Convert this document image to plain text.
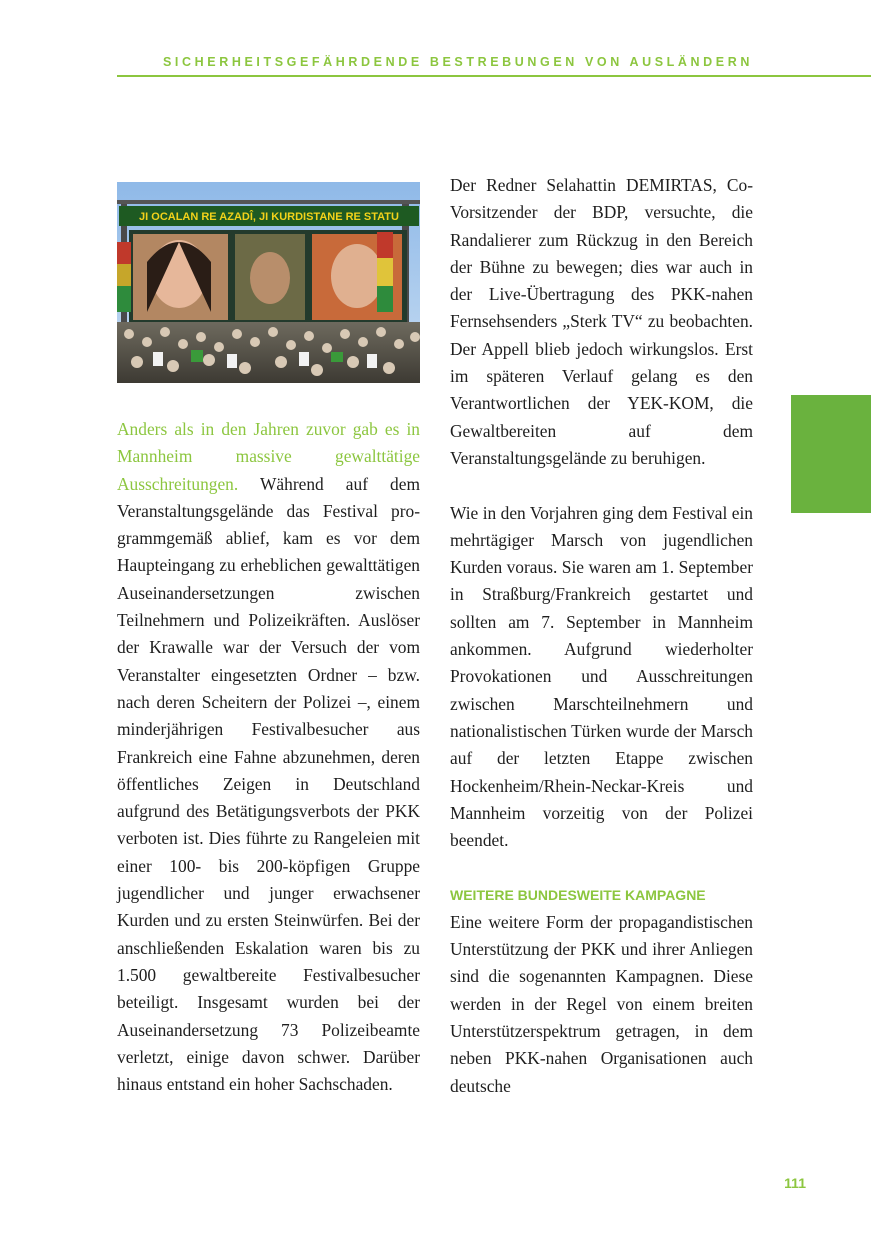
SICHERHEITSGEFÄHRDENDE BESTREBUNGEN VON AUSLÄNDERN
JI OCALAN RE AZADÎ, JI KURDISTANE RE STATU

Anders als in den Jahren zuvor gab es in Mannheim massive gewalttätige Ausschreitungen. Während auf dem Veranstaltungsgelände das Festival programmgemäß ablief, kam es vor dem Haupteingang zu erheblichen gewalttätigen Auseinandersetzungen zwischen Teilnehmern und Polizeikräften. Auslöser der Krawalle war der Versuch der vom Veranstalter eingesetzten Ordner – bzw. nach deren Scheitern der Polizei –, einem minderjährigen Festivalbesucher aus Frankreich eine Fahne abzunehmen, deren öffentliches Zeigen in Deutschland aufgrund des Betätigungsverbots der PKK verboten ist. Dies führte zu Rangeleien mit einer 100- bis 200-köpfigen Gruppe jugendlicher und junger erwachsener Kurden und zu ersten Steinwürfen. Bei der anschließenden Eskalation waren bis zu 1.500 gewaltbereite Festivalbesucher beteiligt. Insgesamt wurden bei der Auseinandersetzung 73 Polizeibeamte verletzt, einige davon schwer. Darüber hinaus entstand ein hoher Sachschaden.

Der Redner Selahattin DEMIRTAS, Co-Vorsitzender der BDP, versuchte, die Randalierer zum Rückzug in den Bereich der Bühne zu bewegen; dies war auch in der Live-Übertragung des PKK-nahen Fernsehsenders „Sterk TV“ zu beobachten. Der Appell blieb jedoch wirkungslos. Erst im späteren Verlauf gelang es den Verantwortlichen der YEK-KOM, die Gewaltbereiten auf dem Veranstaltungsgelände zu beruhigen.

Wie in den Vorjahren ging dem Festival ein mehrtägiger Marsch von jugendlichen Kurden voraus. Sie waren am 1. September in Straßburg/Frankreich gestartet und sollten am 7. September in Mannheim ankommen. Aufgrund wiederholter Provokationen und Ausschreitungen zwischen Marschteilnehmern und nationalistischen Türken wurde der Marsch auf der letzten Etappe zwischen Hockenheim/Rhein-Neckar-Kreis und Mannheim vorzeitig von der Polizei beendet.

WEITERE BUNDESWEITE KAMPAGNE

Eine weitere Form der propagandistischen Unterstützung der PKK und ihrer Anliegen sind die sogenannten Kampagnen. Diese werden in der Regel von einem breiten Unterstützerspektrum getragen, in dem neben PKK-nahen Organisationen auch deutsche

111
